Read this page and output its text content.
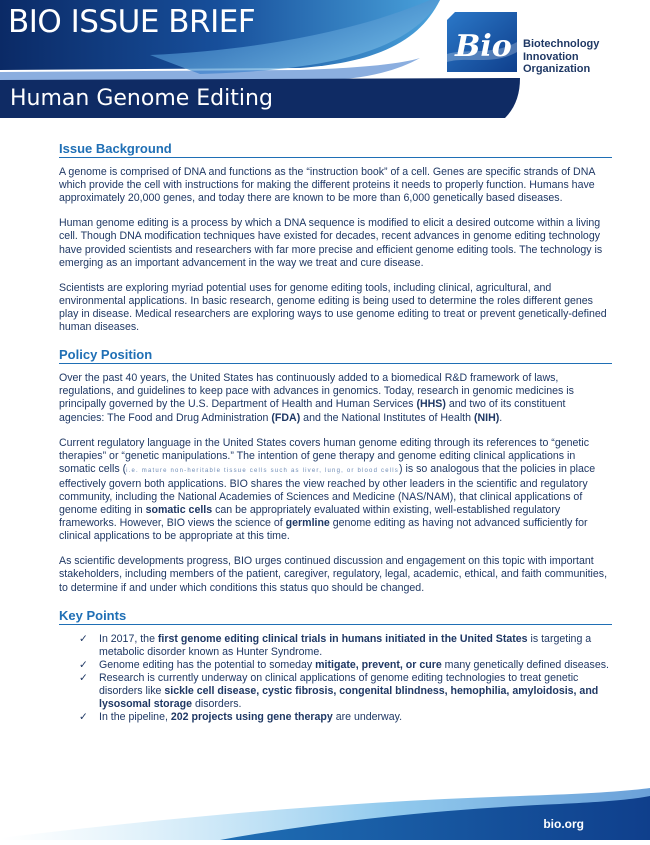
BIO ISSUE BRIEF
Human Genome Editing
Bio Biotechnology
Innovation
Organization
Issue Background

A genome is comprised of DNA and functions as the “instruction book” of a cell. Genes are specific strands of DNA which provide the cell with instructions for making the different proteins it needs to properly function. Humans have approximately 20,000 genes, and today there are known to be more than 6,000 genetically based diseases.

Human genome editing is a process by which a DNA sequence is modified to elicit a desired outcome within a living cell. Though DNA modification techniques have existed for decades, recent advances in genome editing technology have provided scientists and researchers with far more precise and efficient genome editing tools. The technology is emerging as an important advancement in the way we treat and cure disease.

Scientists are exploring myriad potential uses for genome editing tools, including clinical, agricultural, and environmental applications. In basic research, genome editing is being used to determine the roles different genes play in disease. Medical researchers are exploring ways to use genome editing to treat or prevent genetically-defined human diseases.

Policy Position

Over the past 40 years, the United States has continuously added to a biomedical R&D framework of laws, regulations, and guidelines to keep pace with advances in genomics. Today, research in genomic medicines is principally governed by the U.S. Department of Health and Human Services (HHS) and two of its constituent agencies: The Food and Drug Administration (FDA) and the National Institutes of Health (NIH).

Current regulatory language in the United States covers human genome editing through its references to “genetic therapies” or “genetic manipulations.” The intention of gene therapy and genome editing clinical applications in somatic cells (i.e. mature non-heritable tissue cells such as liver, lung, or blood cells) is so analogous that the policies in place effectively govern both applications. BIO shares the view reached by other leaders in the scientific and regulatory community, including the National Academies of Sciences and Medicine (NAS/NAM), that clinical applications of genome editing in somatic cells can be appropriately evaluated within existing, well-established regulatory frameworks. However, BIO views the science of germline genome editing as having not advanced sufficiently for clinical applications to be appropriate at this time.

As scientific developments progress, BIO urges continued discussion and engagement on this topic with important stakeholders, including members of the patient, caregiver, regulatory, legal, academic, ethical, and faith communities, to determine if and under which conditions this status quo should be changed.

Key Points
✓ In 2017, the first genome editing clinical trials in humans initiated in the United States is targeting a metabolic disorder known as Hunter Syndrome.
✓ Genome editing has the potential to someday mitigate, prevent, or cure many genetically defined diseases.
✓ Research is currently underway on clinical applications of genome editing technologies to treat genetic disorders like sickle cell disease, cystic fibrosis, congenital blindness, hemophilia, amyloidosis, and lysosomal storage disorders.
✓ In the pipeline, 202 projects using gene therapy are underway.
bio.org
